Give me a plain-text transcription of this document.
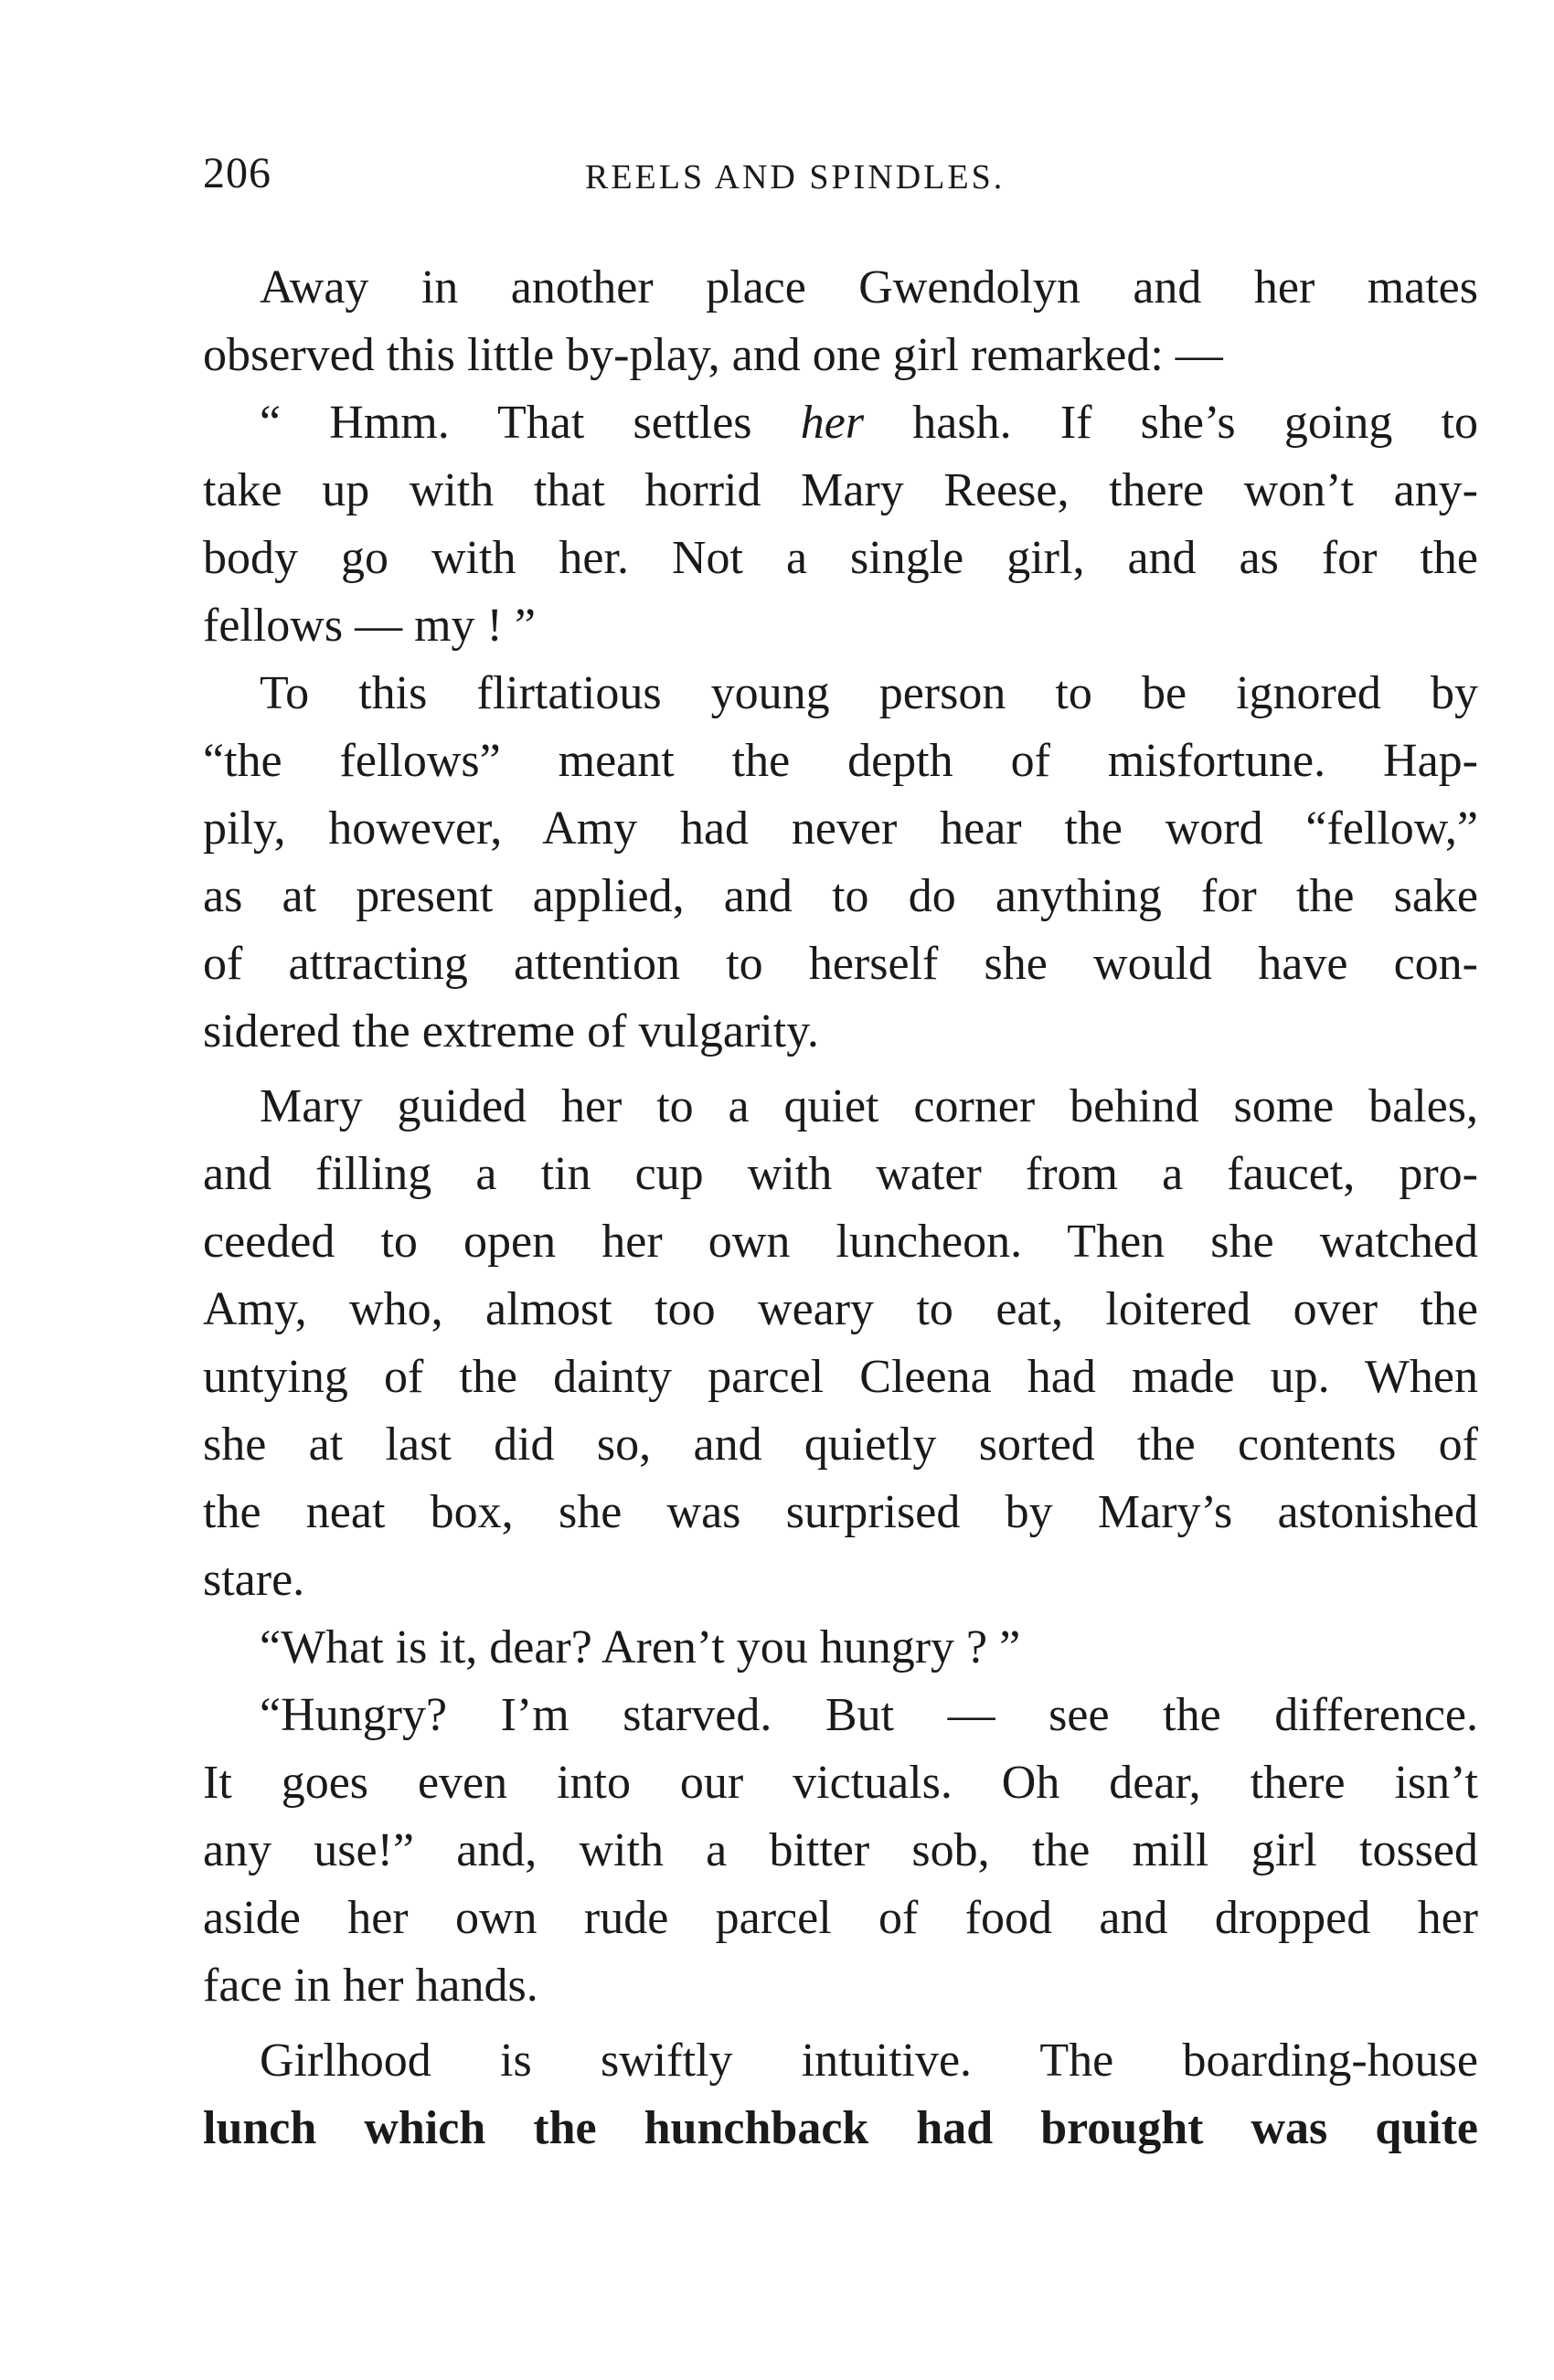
206	REELS AND SPINDLES.
Away in another place Gwendolyn and her mates
observed this little by-play, and one girl remarked: —
“ Hmm. That settles her hash. If she’s going to
take up with that horrid Mary Reese, there won’t any-
body go with her. Not a single girl, and as for the
fellows — my ! ”
To this flirtatious young person to be ignored by
“the fellows” meant the depth of misfortune. Hap-
pily, however, Amy had never hear the word “fellow,”
as at present applied, and to do anything for the sake
of attracting attention to herself she would have con-
sidered the extreme of vulgarity.
Mary guided her to a quiet corner behind some bales,
and filling a tin cup with water from a faucet, pro-
ceeded to open her own luncheon. Then she watched
Amy, who, almost too weary to eat, loitered over the
untying of the dainty parcel Cleena had made up. When
she at last did so, and quietly sorted the contents of
the neat box, she was surprised by Mary’s astonished
stare.
“What is it, dear? Aren’t you hungry ? ”
“Hungry? I’m starved. But — see the difference.
It goes even into our victuals. Oh dear, there isn’t
any use!” and, with a bitter sob, the mill girl tossed
aside her own rude parcel of food and dropped her
face in her hands.
Girlhood is swiftly intuitive. The boarding-house
lunch which the hunchback had brought was quite
